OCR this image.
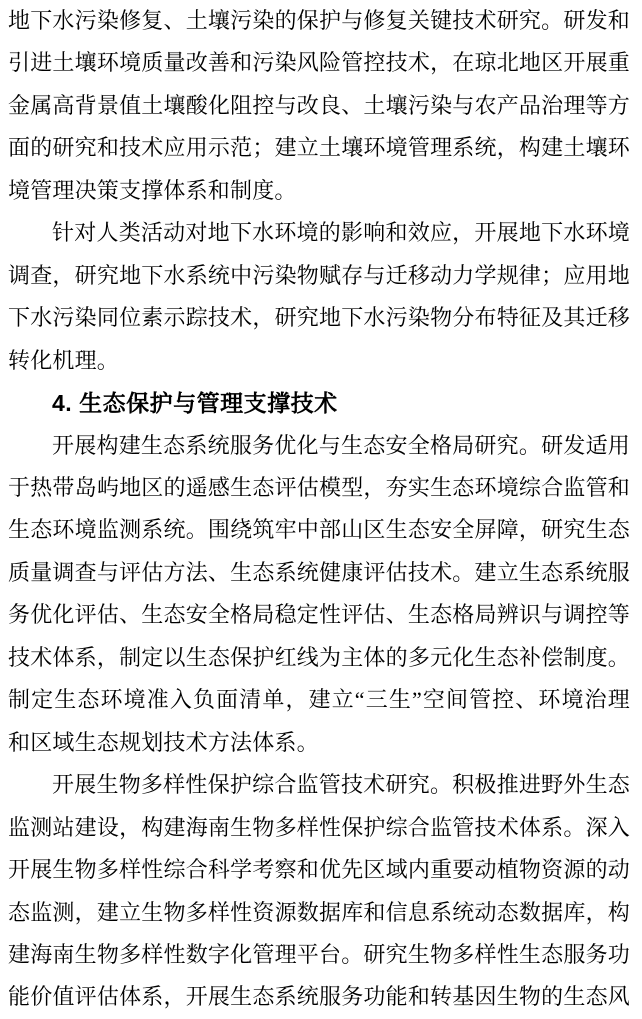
地下水污染修复、土壤污染的保护与修复关键技术研究。研发和
引进土壤环境质量改善和污染风险管控技术，在琼北地区开展重
金属高背景值土壤酸化阻控与改良、土壤污染与农产品治理等方
面的研究和技术应用示范；建立土壤环境管理系统，构建土壤环
境管理决策支撑体系和制度。
针对人类活动对地下水环境的影响和效应，开展地下水环境
调查，研究地下水系统中污染物赋存与迁移动力学规律；应用地
下水污染同位素示踪技术，研究地下水污染物分布特征及其迁移
转化机理。
4. 生态保护与管理支撑技术
开展构建生态系统服务优化与生态安全格局研究。研发适用
于热带岛屿地区的遥感生态评估模型，夯实生态环境综合监管和
生态环境监测系统。围绕筑牢中部山区生态安全屏障，研究生态
质量调查与评估方法、生态系统健康评估技术。建立生态系统服
务优化评估、生态安全格局稳定性评估、生态格局辨识与调控等
技术体系，制定以生态保护红线为主体的多元化生态补偿制度。
制定生态环境准入负面清单，建立“三生”空间管控、环境治理
和区域生态规划技术方法体系。
开展生物多样性保护综合监管技术研究。积极推进野外生态
监测站建设，构建海南生物多样性保护综合监管技术体系。深入
开展生物多样性综合科学考察和优先区域内重要动植物资源的动
态监测，建立生物多样性资源数据库和信息系统动态数据库，构
建海南生物多样性数字化管理平台。研究生物多样性生态服务功
能价值评估体系，开展生态系统服务功能和转基因生物的生态风
